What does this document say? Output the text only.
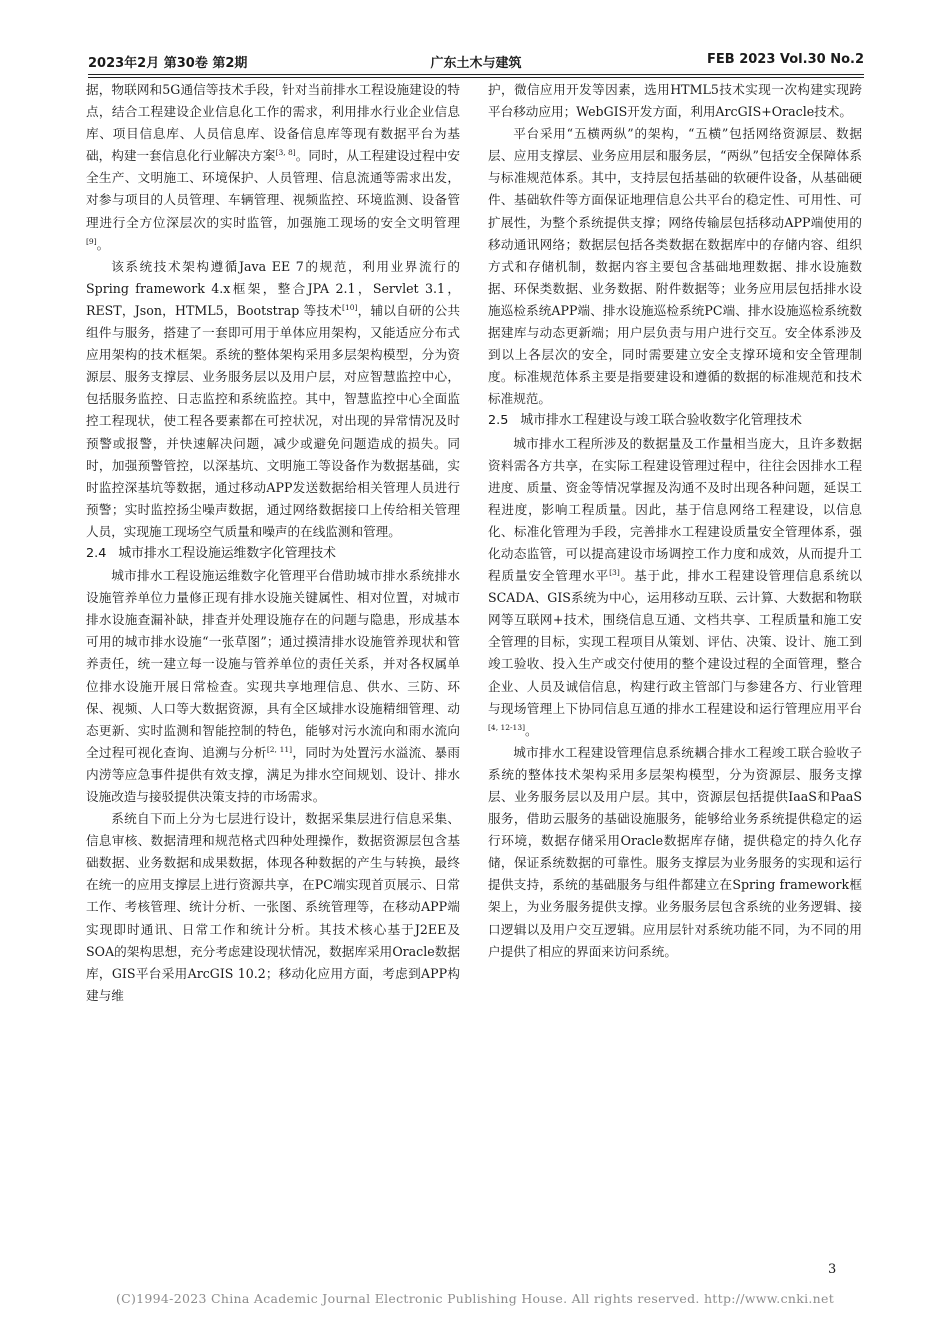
2023年2月 第30卷 第2期	广东土木与建筑	FEB 2023 Vol.30 No.2

据，物联网和5G通信等技术手段，针对当前排水工程设施建设的特点，结合工程建设企业信息化工作的需求，利用排水行业企业信息库、项目信息库、人员信息库、设备信息库等现有数据平台为基础，构建一套信息化行业解决方案[3, 8]。同时，从工程建设过程中安全生产、文明施工、环境保护、人员管理、信息流通等需求出发，对参与项目的人员管理、车辆管理、视频监控、环境监测、设备管理进行全方位深层次的实时监管，加强施工现场的安全文明管理[9]。

该系统技术架构遵循Java EE 7的规范，利用业界流行的Spring framework 4.x框架，整合JPA 2.1，Servlet 3.1，REST，Json，HTML5，Bootstrap 等技术[10]，辅以自研的公共组件与服务，搭建了一套即可用于单体应用架构，又能适应分布式应用架构的技术框架。系统的整体架构采用多层架构模型，分为资源层、服务支撑层、业务服务层以及用户层，对应智慧监控中心，包括服务监控、日志监控和系统监控。其中，智慧监控中心全面监控工程现状，使工程各要素都在可控状况，对出现的异常情况及时预警或报警，并快速解决问题，减少或避免问题造成的损失。同时，加强预警管控，以深基坑、文明施工等设备作为数据基础，实时监控深基坑等数据，通过移动APP发送数据给相关管理人员进行预警；实时监控扬尘噪声数据，通过网络数据接口上传给相关管理人员，实现施工现场空气质量和噪声的在线监测和管理。

2.4 城市排水工程设施运维数字化管理技术

城市排水工程设施运维数字化管理平台借助城市排水系统排水设施管养单位力量修正现有排水设施关键属性、相对位置，对城市排水设施查漏补缺，排查并处理设施存在的问题与隐患，形成基本可用的城市排水设施“一张草图”；通过摸清排水设施管养现状和管养责任，统一建立每一设施与管养单位的责任关系，并对各权属单位排水设施开展日常检查。实现共享地理信息、供水、三防、环保、视频、人口等大数据资源，具有全区域排水设施精细管理、动态更新、实时监测和智能控制的特色，能够对污水流向和雨水流向全过程可视化查询、追溯与分析[2, 11]，同时为处置污水溢流、暴雨内涝等应急事件提供有效支撑，满足为排水空间规划、设计、排水设施改造与接驳提供决策支持的市场需求。

系统自下而上分为七层进行设计，数据采集层进行信息采集、信息审核、数据清理和规范格式四种处理操作，数据资源层包含基础数据、业务数据和成果数据，体现各种数据的产生与转换，最终在统一的应用支撑层上进行资源共享，在PC端实现首页展示、日常工作、考核管理、统计分析、一张图、系统管理等，在移动APP端实现即时通讯、日常工作和统计分析。其技术核心基于J2EE及SOA的架构思想，充分考虑建设现状情况，数据库采用Oracle数据库，GIS平台采用ArcGIS 10.2；移动化应用方面，考虑到APP构建与维

护，微信应用开发等因素，选用HTML5技术实现一次构建实现跨平台移动应用；WebGIS开发方面，利用ArcGIS+Oracle技术。

平台采用“五横两纵”的架构，“五横”包括网络资源层、数据层、应用支撑层、业务应用层和服务层，“两纵”包括安全保障体系与标准规范体系。其中，支持层包括基础的软硬件设备，从基础硬件、基础软件等方面保证地理信息公共平台的稳定性、可用性、可扩展性，为整个系统提供支撑；网络传输层包括移动APP端使用的移动通讯网络；数据层包括各类数据在数据库中的存储内容、组织方式和存储机制，数据内容主要包含基础地理数据、排水设施数据、环保类数据、业务数据、附件数据等；业务应用层包括排水设施巡检系统APP端、排水设施巡检系统PC端、排水设施巡检系统数据建库与动态更新端；用户层负责与用户进行交互。安全体系涉及到以上各层次的安全，同时需要建立安全支撑环境和安全管理制度。标准规范体系主要是指要建设和遵循的数据的标准规范和技术标准规范。

2.5 城市排水工程建设与竣工联合验收数字化管理技术

城市排水工程所涉及的数据量及工作量相当庞大，且许多数据资料需各方共享，在实际工程建设管理过程中，往往会因排水工程进度、质量、资金等情况掌握及沟通不及时出现各种问题，延误工程进度，影响工程质量。因此，基于信息网络工程建设，以信息化、标准化管理为手段，完善排水工程建设质量安全管理体系，强化动态监管，可以提高建设市场调控工作力度和成效，从而提升工程质量安全管理水平[3]。基于此，排水工程建设管理信息系统以SCADA、GIS系统为中心，运用移动互联、云计算、大数据和物联网等互联网+技术，围绕信息互通、文档共享、工程质量和施工安全管理的目标，实现工程项目从策划、评估、决策、设计、施工到竣工验收、投入生产或交付使用的整个建设过程的全面管理，整合企业、人员及诚信信息，构建行政主管部门与参建各方、行业管理与现场管理上下协同信息互通的排水工程建设和运行管理应用平台[4, 12-13]。

城市排水工程建设管理信息系统耦合排水工程竣工联合验收子系统的整体技术架构采用多层架构模型，分为资源层、服务支撑层、业务服务层以及用户层。其中，资源层包括提供IaaS和PaaS服务，借助云服务的基础设施服务，能够给业务系统提供稳定的运行环境，数据存储采用Oracle数据库存储，提供稳定的持久化存储，保证系统数据的可靠性。服务支撑层为业务服务的实现和运行提供支持，系统的基础服务与组件都建立在Spring framework框架上，为业务服务提供支撑。业务服务层包含系统的业务逻辑、接口逻辑以及用户交互逻辑。应用层针对系统功能不同，为不同的用户提供了相应的界面来访问系统。

3
(C)1994-2023 China Academic Journal Electronic Publishing House. All rights reserved. http://www.cnki.net
